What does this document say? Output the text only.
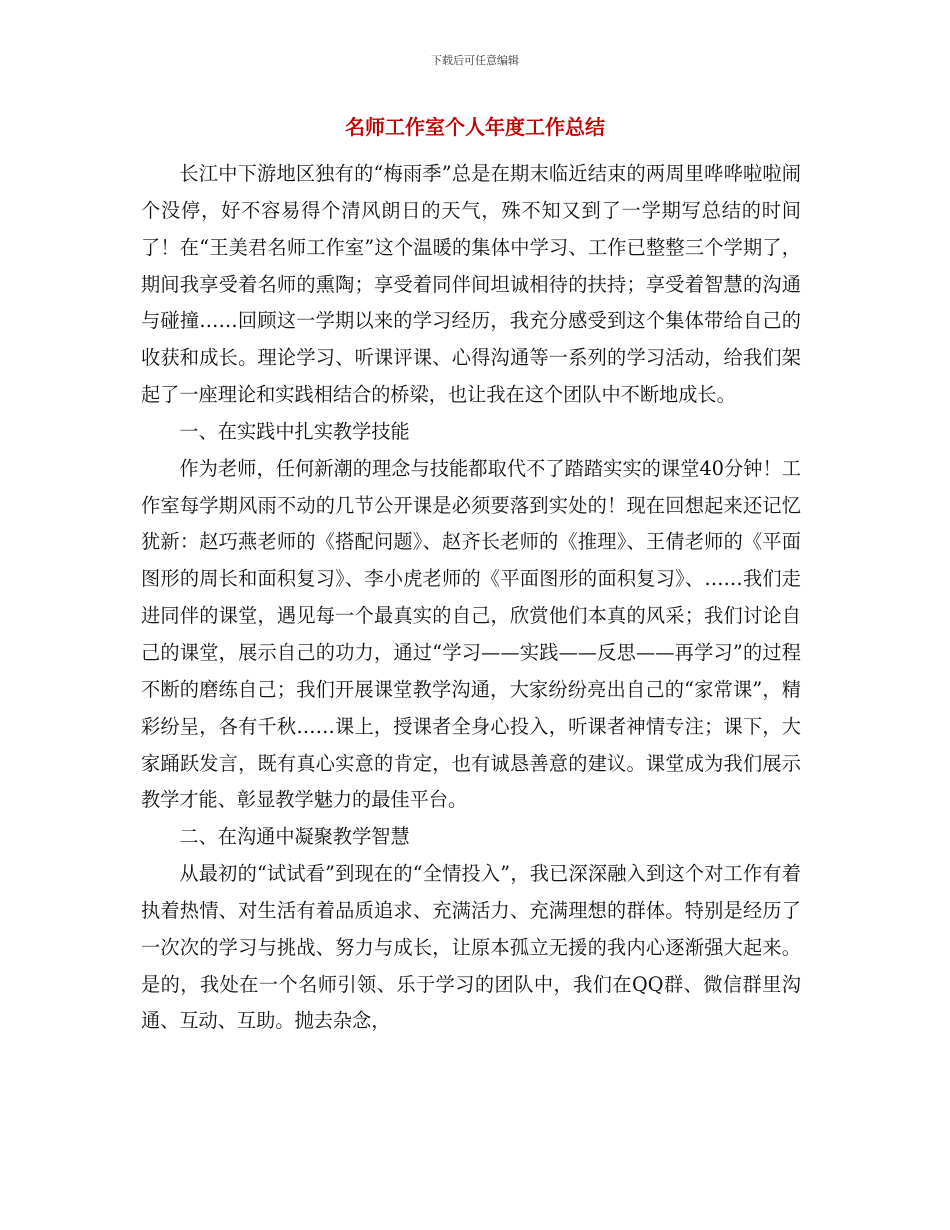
下载后可任意编辑
名师工作室个人年度工作总结

长江中下游地区独有的“梅雨季”总是在期末临近结束的两周里哗哗啦啦闹个没停，好不容易得个清风朗日的天气，殊不知又到了一学期写总结的时间了！在“王美君名师工作室”这个温暖的集体中学习、工作已整整三个学期了，期间我享受着名师的熏陶；享受着同伴间坦诚相待的扶持；享受着智慧的沟通与碰撞……回顾这一学期以来的学习经历，我充分感受到这个集体带给自己的收获和成长。理论学习、听课评课、心得沟通等一系列的学习活动，给我们架起了一座理论和实践相结合的桥梁，也让我在这个团队中不断地成长。

一、在实践中扎实教学技能

作为老师，任何新潮的理念与技能都取代不了踏踏实实的课堂40分钟！工作室每学期风雨不动的几节公开课是必须要落到实处的！现在回想起来还记忆犹新：赵巧燕老师的《搭配问题》、赵齐长老师的《推理》、王倩老师的《平面图形的周长和面积复习》、李小虎老师的《平面图形的面积复习》、……我们走进同伴的课堂，遇见每一个最真实的自己，欣赏他们本真的风采；我们讨论自己的课堂，展示自己的功力，通过“学习——实践——反思——再学习”的过程不断的磨练自己；我们开展课堂教学沟通，大家纷纷亮出自己的“家常课”，精彩纷呈，各有千秋……课上，授课者全身心投入，听课者神情专注；课下，大家踊跃发言，既有真心实意的肯定，也有诚恳善意的建议。课堂成为我们展示教学才能、彰显教学魅力的最佳平台。

二、在沟通中凝聚教学智慧

从最初的“试试看”到现在的“全情投入”，我已深深融入到这个对工作有着执着热情、对生活有着品质追求、充满活力、充满理想的群体。特别是经历了一次次的学习与挑战、努力与成长，让原本孤立无援的我内心逐渐强大起来。是的，我处在一个名师引领、乐于学习的团队中，我们在QQ群、微信群里沟通、互动、互助。抛去杂念，
